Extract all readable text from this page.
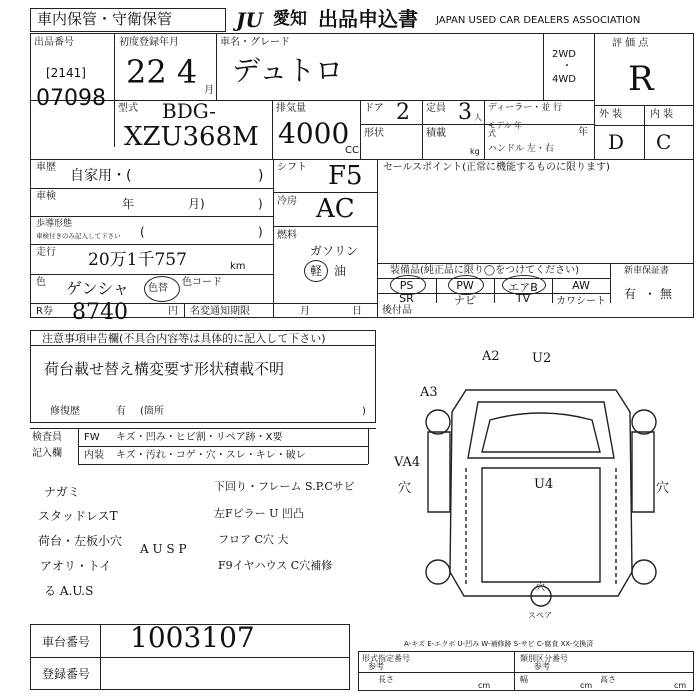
車内保管・守衛保管	JU 愛知 出品申込書 JAPAN USED CAR DEALERS ASSOCIATION
出品番号
[2141]
07098
初度登録年月
22 4 月
車名・グレード
デュトロ	2WD
・
4WD
評 価 点
R
型式 BDG-
XZU368M
排気量
4000
CC
ドア 2 定員 3 人
ディーラー・並 行
モデル 年式	年
形状	積載
kg ハンドル 左・右
外 装	内 装
D C
車歴
自家用・(	)
車検
年	月)	)
歩導形態
車検付きのみ記入して下さい (	)
走行 20万1千757	km
色 ゲンシャ 色替
色コード
R券 8740	円 名変通知期限	月	日
シフト F5
冷房 AC
燃料
ガソリン
軽 油
セールスポイント(正常に機能するものに限ります)
装備品(純正品に限り◯をつけてください)
PS	PW	エアB	AW
SR	ナビ	TV	カワシート
新車保証書
有 ・ 無
後付品
注意事項申告欄(不具合内容等は具体的に記入して下さい)
荷台載せ替え構変要す形状積載不明
修復歴	有 (箇所	)
検査員
記入欄
FW キズ・凹み・ヒビ割・リペア跡・X要
内装 キズ・汚れ・コゲ・穴・スレ・キレ・破レ
ナガミ
スタッドレスT
荷台・左板小穴
アオリ・トイ
る A.U.S
A U S P
下回り・フレーム S.P.Cサビ
左Fピラー U 凹凸
フロア C穴 大
F9イヤハウス C穴補修
A2 U2
A3
VA4
穴	U4	穴
穴
スペア
A-キズ E-エクボ U-凹み W-補修跡 S-サビ C-腐食 XX-交換済
車台番号 1003107
登録番号
形式指定番号
参考
類別区分番号
参考
長さ
cm
幅
cm
高さ
cm
